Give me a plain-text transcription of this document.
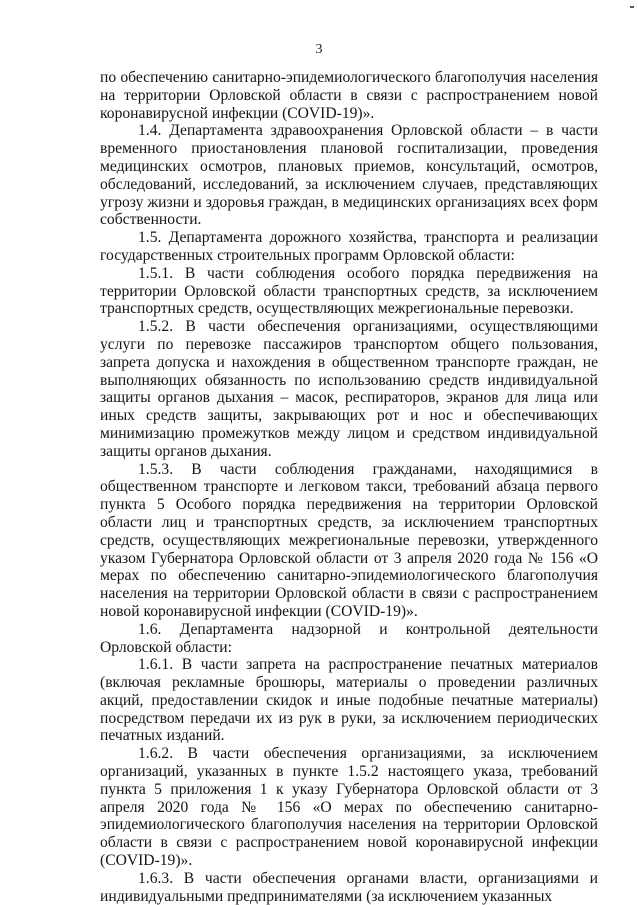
3

по обеспечению санитарно-эпидемиологического благополучия населения на территории Орловской области в связи с распространением новой коронавирусной инфекции (COVID-19)».

1.4. Департамента здравоохранения Орловской области – в части временного приостановления плановой госпитализации, проведения медицинских осмотров, плановых приемов, консультаций, осмотров, обследований, исследований, за исключением случаев, представляющих угрозу жизни и здоровья граждан, в медицинских организациях всех форм собственности.

1.5. Департамента дорожного хозяйства, транспорта и реализации государственных строительных программ Орловской области:

1.5.1. В части соблюдения особого порядка передвижения на территории Орловской области транспортных средств, за исключением транспортных средств, осуществляющих межрегиональные перевозки.

1.5.2. В части обеспечения организациями, осуществляющими услуги по перевозке пассажиров транспортом общего пользования, запрета допуска и нахождения в общественном транспорте граждан, не выполняющих обязанность по использованию средств индивидуальной защиты органов дыхания – масок, респираторов, экранов для лица или иных средств защиты, закрывающих рот и нос и обеспечивающих минимизацию промежутков между лицом и средством индивидуальной защиты органов дыхания.

1.5.3. В части соблюдения гражданами, находящимися в общественном транспорте и легковом такси, требований абзаца первого пункта 5 Особого порядка передвижения на территории Орловской области лиц и транспортных средств, за исключением транспортных средств, осуществляющих межрегиональные перевозки, утвержденного указом Губернатора Орловской области от 3 апреля 2020 года № 156 «О мерах по обеспечению санитарно-эпидемиологического благополучия населения на территории Орловской области в связи с распространением новой коронавирусной инфекции (COVID-19)».

1.6. Департамента надзорной и контрольной деятельности Орловской области:

1.6.1. В части запрета на распространение печатных материалов (включая рекламные брошюры, материалы о проведении различных акций, предоставлении скидок и иные подобные печатные материалы) посредством передачи их из рук в руки, за исключением периодических печатных изданий.

1.6.2. В части обеспечения организациями, за исключением организаций, указанных в пункте 1.5.2 настоящего указа, требований пункта 5 приложения 1 к указу Губернатора Орловской области от 3 апреля 2020 года № 156 «О мерах по обеспечению санитарно-эпидемиологического благополучия населения на территории Орловской области в связи с распространением новой коронавирусной инфекции (COVID-19)».

1.6.3. В части обеспечения органами власти, организациями и индивидуальными предпринимателями (за исключением указанных
